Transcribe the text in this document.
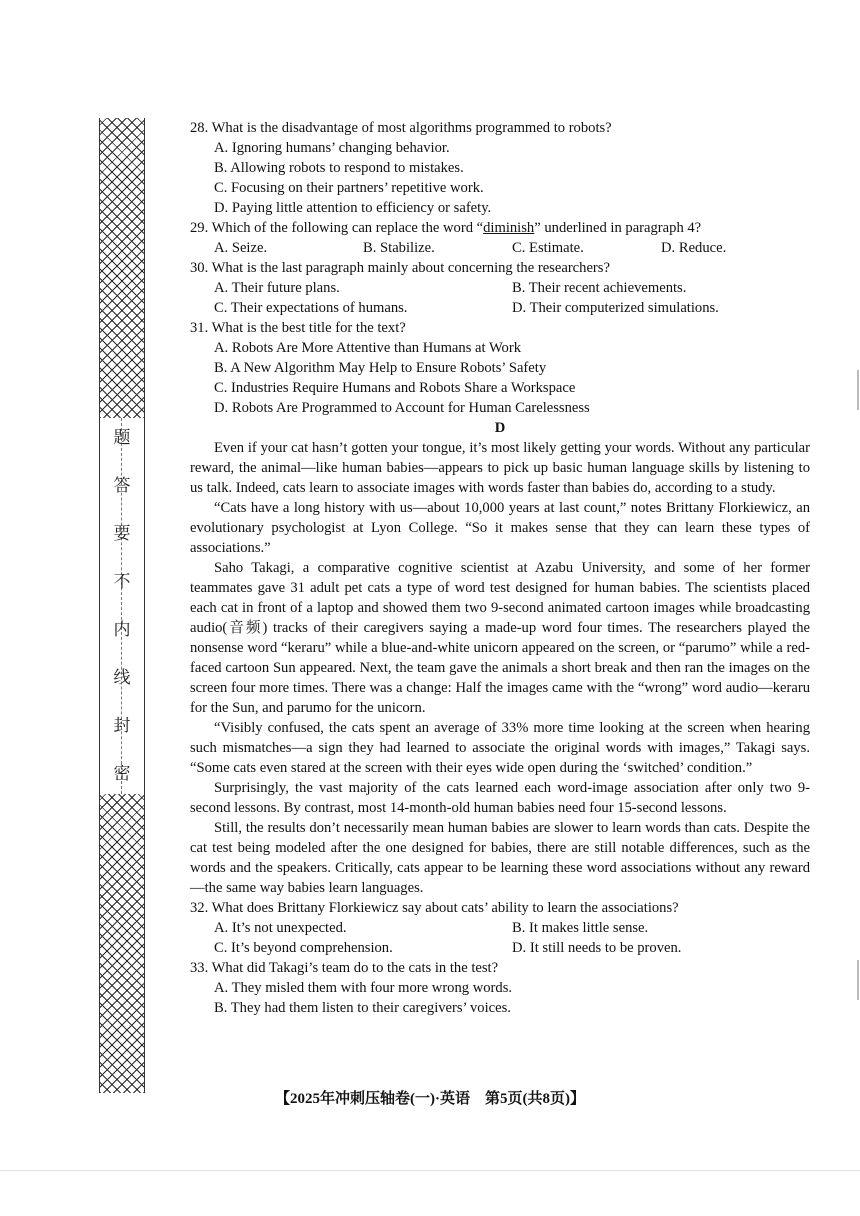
题
答
要
不
内
线
封
密

28. What is the disadvantage of most algorithms programmed to robots?

A. Ignoring humans’ changing behavior.

B. Allowing robots to respond to mistakes.

C. Focusing on their partners’ repetitive work.

D. Paying little attention to efficiency or safety.

29. Which of the following can replace the word “diminish” underlined in paragraph 4?

A. Seize.	B. Stabilize.	C. Estimate.	D. Reduce.

30. What is the last paragraph mainly about concerning the researchers?

A. Their future plans.	B. Their recent achievements.
C. Their expectations of humans.	D. Their computerized simulations.

31. What is the best title for the text?

A. Robots Are More Attentive than Humans at Work

B. A New Algorithm May Help to Ensure Robots’ Safety

C. Industries Require Humans and Robots Share a Workspace

D. Robots Are Programmed to Account for Human Carelessness

D

Even if your cat hasn’t gotten your tongue, it’s most likely getting your words. Without any particular reward, the animal—like human babies—appears to pick up basic human language skills by listening to us talk. Indeed, cats learn to associate images with words faster than babies do, according to a study.

“Cats have a long history with us—about 10,000 years at last count,” notes Brittany Florkiewicz, an evolutionary psychologist at Lyon College. “So it makes sense that they can learn these types of associations.”

Saho Takagi, a comparative cognitive scientist at Azabu University, and some of her former teammates gave 31 adult pet cats a type of word test designed for human babies. The scientists placed each cat in front of a laptop and showed them two 9-second animated cartoon images while broadcasting audio(音频) tracks of their caregivers saying a made-up word four times. The researchers played the nonsense word “keraru” while a blue-and-white unicorn appeared on the screen, or “parumo” while a red-faced cartoon Sun appeared. Next, the team gave the animals a short break and then ran the images on the screen four more times. There was a change: Half the images came with the “wrong” word audio—keraru for the Sun, and parumo for the unicorn.

“Visibly confused, the cats spent an average of 33% more time looking at the screen when hearing such mismatches—a sign they had learned to associate the original words with images,” Takagi says. “Some cats even stared at the screen with their eyes wide open during the ‘switched’ condition.”

Surprisingly, the vast majority of the cats learned each word-image association after only two 9-second lessons. By contrast, most 14-month-old human babies need four 15-second lessons.

Still, the results don’t necessarily mean human babies are slower to learn words than cats. Despite the cat test being modeled after the one designed for babies, there are still notable differences, such as the words and the speakers. Critically, cats appear to be learning these word associations without any reward—the same way babies learn languages.

32. What does Brittany Florkiewicz say about cats’ ability to learn the associations?

A. It’s not unexpected.	B. It makes little sense.
C. It’s beyond comprehension.	D. It still needs to be proven.

33. What did Takagi’s team do to the cats in the test?

A. They misled them with four more wrong words.

B. They had them listen to their caregivers’ voices.

【2025年冲刺压轴卷(一)·英语　第5页(共8页)】
